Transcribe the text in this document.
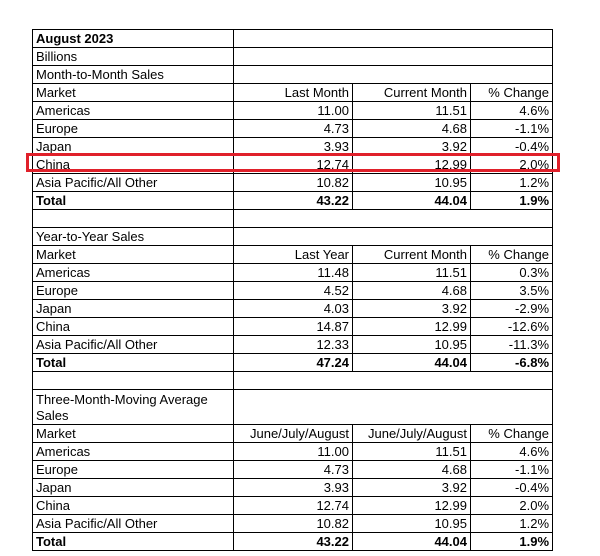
August 2023			
Billions			
Month-to-Month Sales			
Market	Last Month	Current Month	% Change
Americas	11.00	11.51	4.6%
Europe	4.73	4.68	-1.1%
Japan	3.93	3.92	-0.4%
China	12.74	12.99	2.0%
Asia Pacific/All Other	10.82	10.95	1.2%
Total	43.22	44.04	1.9%

Year-to-Year Sales			
Market	Last Year	Current Month	% Change
Americas	11.48	11.51	0.3%
Europe	4.52	4.68	3.5%
Japan	4.03	3.92	-2.9%
China	14.87	12.99	-12.6%
Asia Pacific/All Other	12.33	10.95	-11.3%
Total	47.24	44.04	-6.8%

Three-Month-Moving Average Sales			
Market	June/July/August	June/July/August	% Change
Americas	11.00	11.51	4.6%
Europe	4.73	4.68	-1.1%
Japan	3.93	3.92	-0.4%
China	12.74	12.99	2.0%
Asia Pacific/All Other	10.82	10.95	1.2%
Total	43.22	44.04	1.9%
